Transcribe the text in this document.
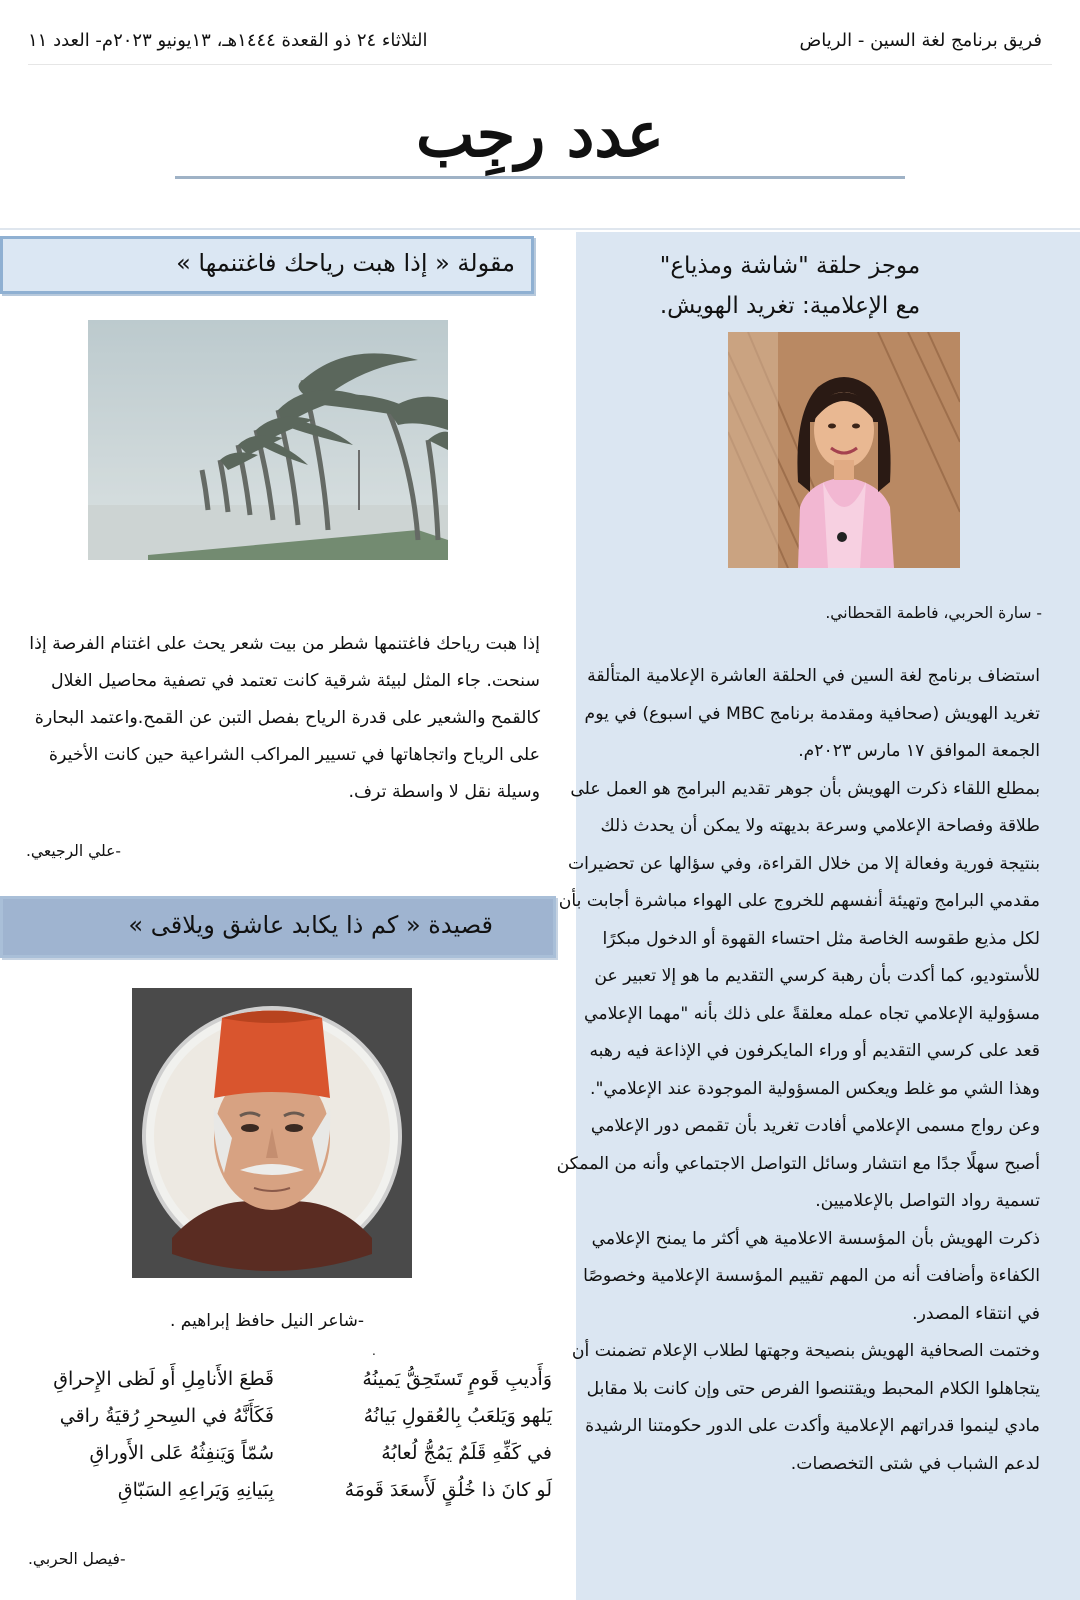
الثلاثاء ٢٤ ذو القعدة ١٤٤٤هـ، ١٣يونيو ٢٠٢٣م- العدد ١١	فريق برنامج لغة السين - الرياض
عدد رجِب
موجز حلقة "شاشة ومذياع"
مع الإعلامية: تغريد الهويش.
- سارة الحربي، فاطمة القحطاني.

استضاف برنامج لغة السين في الحلقة العاشرة الإعلامية المتألقة تغريد الهويش (صحافية ومقدمة برنامج MBC في اسبوع) في يوم الجمعة الموافق ١٧ مارس ٢٠٢٣م.

بمطلع اللقاء ذكرت الهويش بأن جوهر تقديم البرامج هو العمل على طلاقة وفصاحة الإعلامي وسرعة بديهته ولا يمكن أن يحدث ذلك بنتيجة فورية وفعالة إلا من خلال القراءة، وفي سؤالها عن تحضيرات مقدمي البرامج وتهيئة أنفسهم للخروج على الهواء مباشرة أجابت بأن لكل مذيع طقوسه الخاصة مثل احتساء القهوة أو الدخول مبكرًا للأستوديو، كما أكدت بأن رهبة كرسي التقديم ما هو إلا تعبير عن مسؤولية الإعلامي تجاه عمله معلقةً على ذلك بأنه "مهما الإعلامي قعد على كرسي التقديم أو وراء المايكرفون في الإذاعة فيه رهبه وهذا الشي مو غلط ويعكس المسؤولية الموجودة عند الإعلامي".

وعن رواج مسمى الإعلامي أفادت تغريد بأن تقمص دور الإعلامي أصبح سهلًا جدًا مع انتشار وسائل التواصل الاجتماعي وأنه من الممكن تسمية رواد التواصل بالإعلاميين.

ذكرت الهويش بأن المؤسسة الاعلامية هي أكثر ما يمنح الإعلامي الكفاءة وأضافت أنه من المهم تقييم المؤسسة الإعلامية وخصوصًا في انتقاء المصدر.

وختمت الصحافية الهويش بنصيحة وجهتها لطلاب الإعلام تضمنت أن يتجاهلوا الكلام المحبط ويقتنصوا الفرص حتى وإن كانت بلا مقابل مادي لينموا قدراتهم الإعلامية وأكدت على الدور حكومتنا الرشيدة لدعم الشباب في شتى التخصصات.

مقولة « إذا هبت رياحك فاغتنمها »
إذا هبت رياحك فاغتنمها شطر من بيت شعر يحث على اغتنام الفرصة إذا سنحت. جاء المثل لبيئة شرقية كانت تعتمد في تصفية محاصيل الغلال كالقمح والشعير على قدرة الرياح بفصل التبن عن القمح.واعتمد البحارة على الرياح واتجاهاتها في تسيير المراكب الشراعية حين كانت الأخيرة وسيلة نقل لا واسطة ترف.
-علي الرجيعي.
قصيدة « كم ذا يكابد عاشق ويلاقى »
-شاعر النيل حافظ إبراهيم .
.
وَأَديبِ قَومٍ تَستَحِقُّ يَمينُهُ
قَطعَ الأَنامِلِ أَو لَظى الإِحراقِ
يَلهو وَيَلعَبُ بِالعُقولِ بَيانُهُ
فَكَأَنَّهُ في السِحرِ رُقيَةُ راقي
في كَفِّهِ قَلَمٌ يَمُجُّ لُعابُهُ
سُمّاً وَيَنفِثُهُ عَلى الأَوراقِ
لَو كانَ ذا خُلُقٍ لَأَسعَدَ قَومَهُ
بِبَيانِهِ وَيَراعِهِ السَبّاقِ
-فيصل الحربي.
